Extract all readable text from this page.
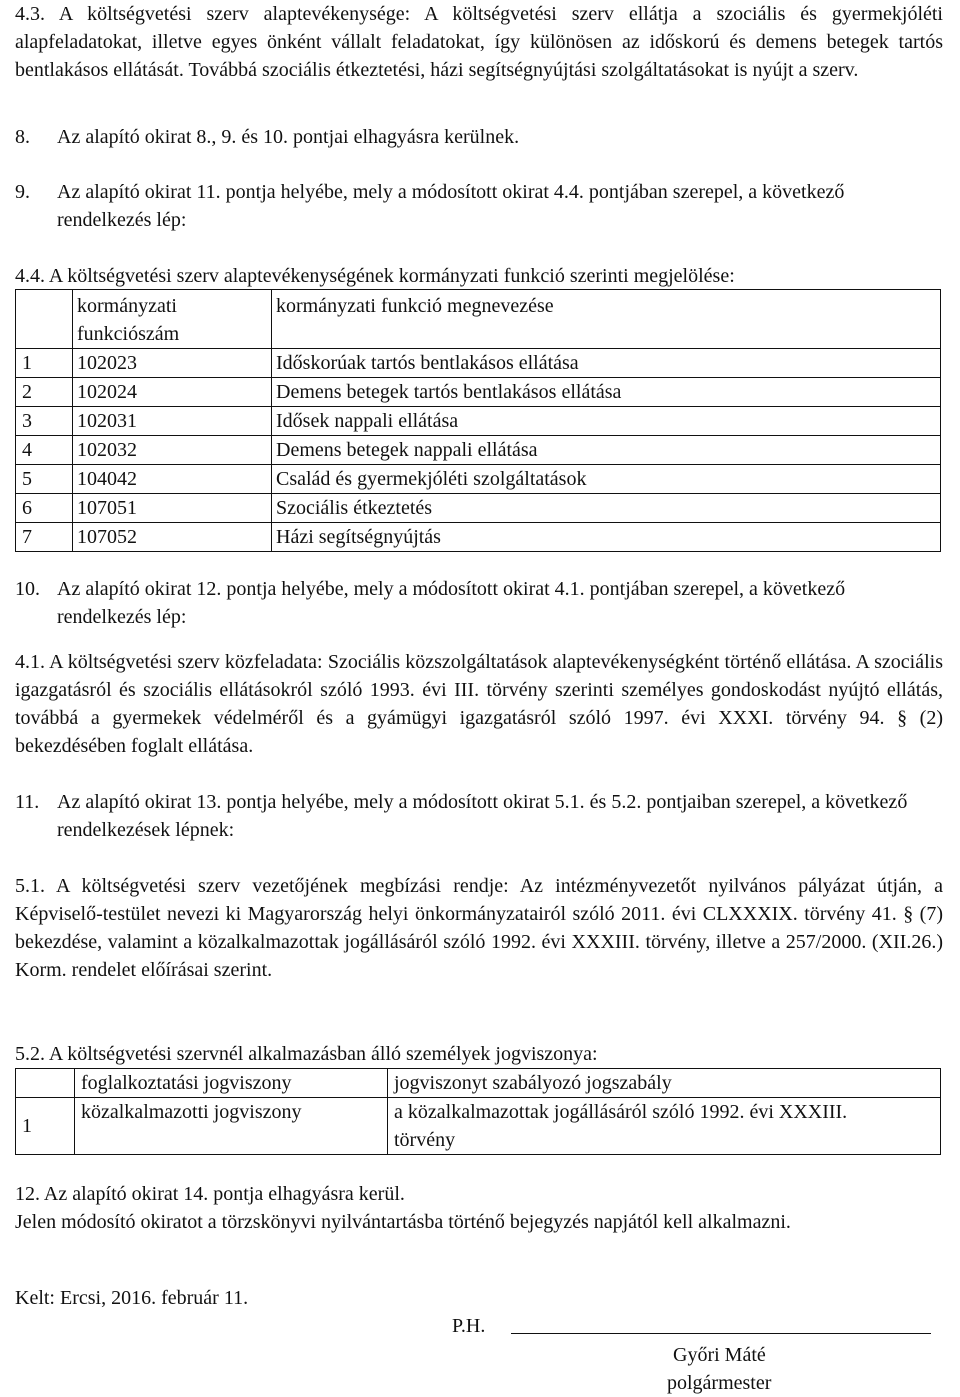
4.3. A költségvetési szerv alaptevékenysége: A költségvetési szerv ellátja a szociális és gyermekjóléti alapfeladatokat, illetve egyes önként vállalt feladatokat, így különösen az időskorú és demens betegek tartós bentlakásos ellátását. Továbbá szociális étkeztetési, házi segítségnyújtási szolgáltatásokat is nyújt a szerv.

8.	Az alapító okirat 8., 9. és 10. pontjai elhagyásra kerülnek.
9.	Az alapító okirat 11. pontja helyébe, mely a módosított okirat 4.4. pontjában szerepel, a következő rendelkezés lép:

4.4. A költségvetési szerv alaptevékenységének kormányzati funkció szerinti megjelölése:

	kormányzati funkciószám	kormányzati funkció megnevezése
1	102023	Időskorúak tartós bentlakásos ellátása
2	102024	Demens betegek tartós bentlakásos ellátása
3	102031	Idősek nappali ellátása
4	102032	Demens betegek nappali ellátása
5	104042	Család és gyermekjóléti szolgáltatások
6	107051	Szociális étkeztetés
7	107052	Házi segítségnyújtás
10. Az alapító okirat 12. pontja helyébe, mely a módosított okirat 4.1. pontjában szerepel, a következő rendelkezés lép:

4.1. A költségvetési szerv közfeladata: Szociális közszolgáltatások alaptevékenységként történő ellátása. A szociális igazgatásról és szociális ellátásokról szóló 1993. évi III. törvény szerinti személyes gondoskodást nyújtó ellátás, továbbá a gyermekek védelméről és a gyámügyi igazgatásról szóló 1997. évi XXXI. törvény 94. § (2) bekezdésében foglalt ellátása.

11. Az alapító okirat 13. pontja helyébe, mely a módosított okirat 5.1. és 5.2. pontjaiban szerepel, a következő rendelkezések lépnek:

5.1. A költségvetési szerv vezetőjének megbízási rendje: Az intézményvezetőt nyilvános pályázat útján, a Képviselő-testület nevezi ki Magyarország helyi önkormányzatairól szóló 2011. évi CLXXXIX. törvény 41. § (7) bekezdése, valamint a közalkalmazottak jogállásáról szóló 1992. évi XXXIII. törvény, illetve a 257/2000. (XII.26.) Korm. rendelet előírásai szerint.

5.2. A költségvetési szervnél alkalmazásban álló személyek jogviszonya:

	foglalkoztatási jogviszony	jogviszonyt szabályozó jogszabály
1	közalkalmazotti jogviszony	a közalkalmazottak jogállásáról szóló 1992. évi XXXIII. törvény

12. Az alapító okirat 14. pontja elhagyásra kerül.

Jelen módosító okiratot a törzskönyvi nyilvántartásba történő bejegyzés napjától kell alkalmazni.

Kelt: Ercsi, 2016. február 11.

P.H.

Győri Máté

polgármester
